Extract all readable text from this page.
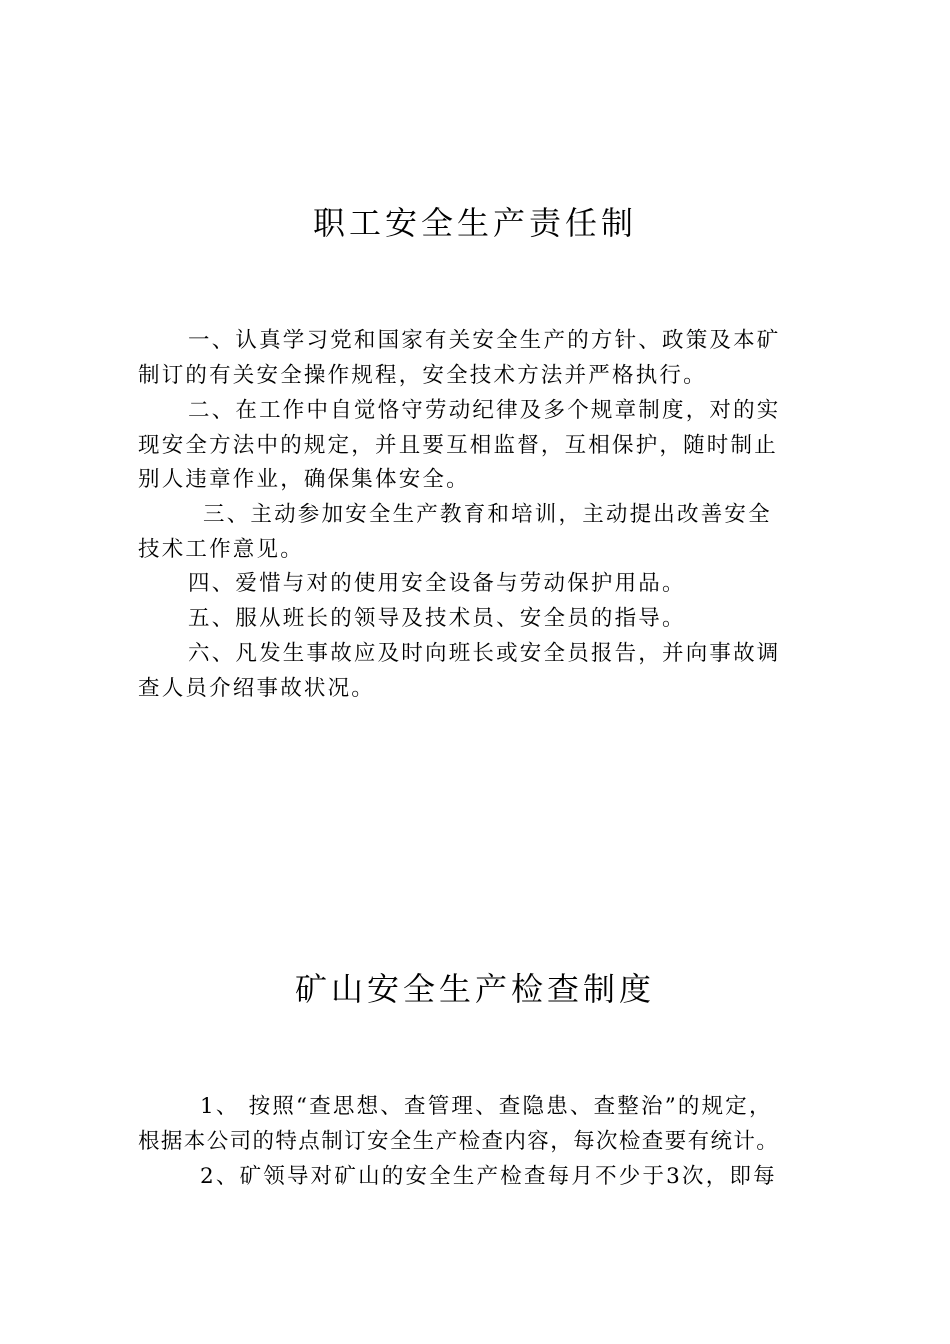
职工安全生产责任制

一、认真学习党和国家有关安全生产的方针、政策及本矿

制订的有关安全操作规程，安全技术方法并严格执行。

二、在工作中自觉恪守劳动纪律及多个规章制度，对的实

现安全方法中的规定，并且要互相监督，互相保护，随时制止

别人违章作业，确保集体安全。

三、主动参加安全生产教育和培训，主动提出改善安全

技术工作意见。

四、爱惜与对的使用安全设备与劳动保护用品。

五、服从班长的领导及技术员、安全员的指导。

六、凡发生事故应及时向班长或安全员报告，并向事故调

查人员介绍事故状况。

矿山安全生产检查制度

1、 按照“查思想、查管理、查隐患、查整治”的规定，

根据本公司的特点制订安全生产检查内容，每次检查要有统计。

2、矿领导对矿山的安全生产检查每月不少于3次，即每
